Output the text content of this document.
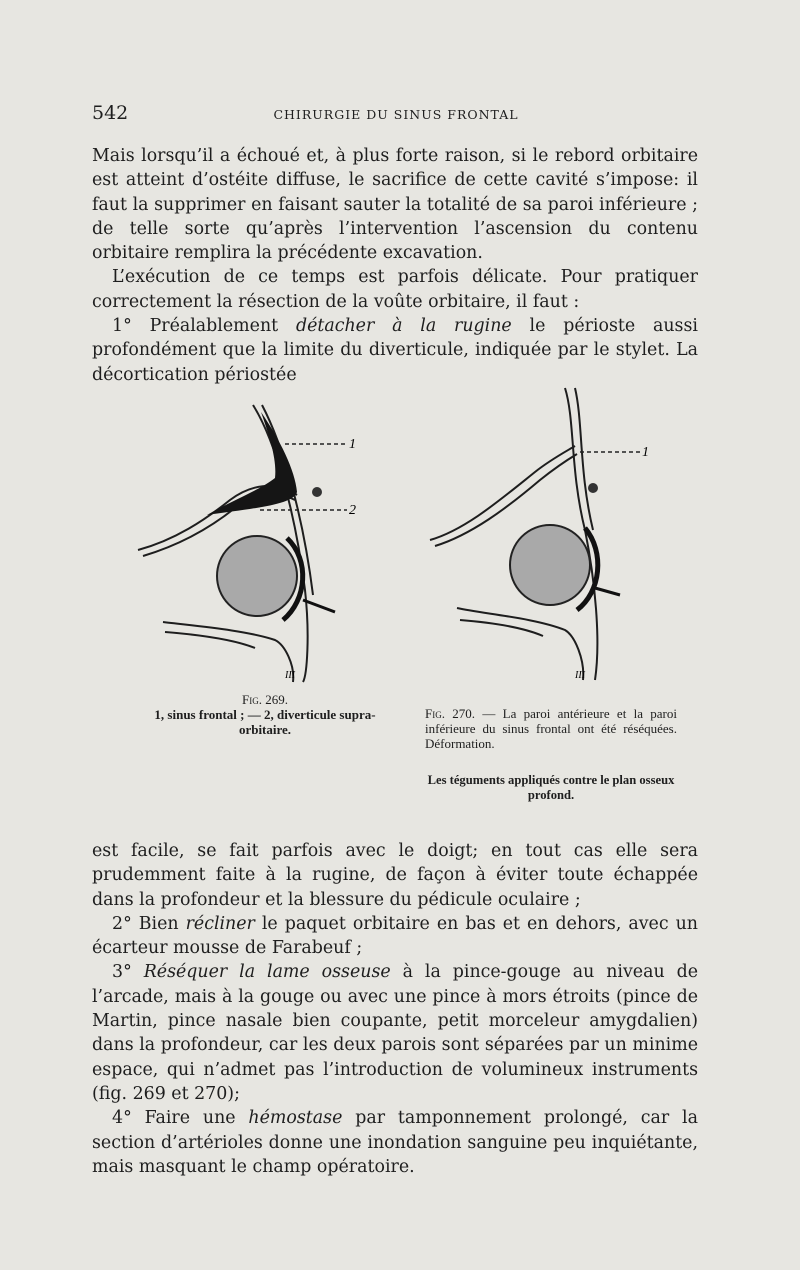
542	CHIRURGIE DU SINUS FRONTAL

Mais lorsqu’il a échoué et, à plus forte raison, si le rebord orbitaire est atteint d’ostéite diffuse, le sacrifice de cette cavité s’impose: il faut la supprimer en faisant sauter la totalité de sa paroi inférieure ; de telle sorte qu’après l’intervention l’ascension du contenu orbitaire remplira la précédente excavation.

L’exécution de ce temps est parfois délicate. Pour pratiquer correctement la résection de la voûte orbitaire, il faut :

1° Préalablement détacher à la rugine le périoste aussi profondément que la limite du diverticule, indiquée par le stylet. La décortication périostée

1
2
III
1
III
Fig. 269.
1, sinus frontal ; — 2, diverticule supra-orbitaire.
Fig. 270. — La paroi antérieure et la paroi inférieure du sinus frontal ont été réséquées. Déformation.
Les téguments appliqués contre le plan osseux profond.

est facile, se fait parfois avec le doigt; en tout cas elle sera prudemment faite à la rugine, de façon à éviter toute échappée dans la profondeur et la blessure du pédicule oculaire ;

2° Bien récliner le paquet orbitaire en bas et en dehors, avec un écarteur mousse de Farabeuf ;

3° Réséquer la lame osseuse à la pince-gouge au niveau de l’arcade, mais à la gouge ou avec une pince à mors étroits (pince de Martin, pince nasale bien coupante, petit morceleur amygdalien) dans la profondeur, car les deux parois sont séparées par un minime espace, qui n’admet pas l’introduction de volumineux instruments (fig. 269 et 270);

4° Faire une hémostase par tamponnement prolongé, car la section d’artérioles donne une inondation sanguine peu inquiétante, mais masquant le champ opératoire.
